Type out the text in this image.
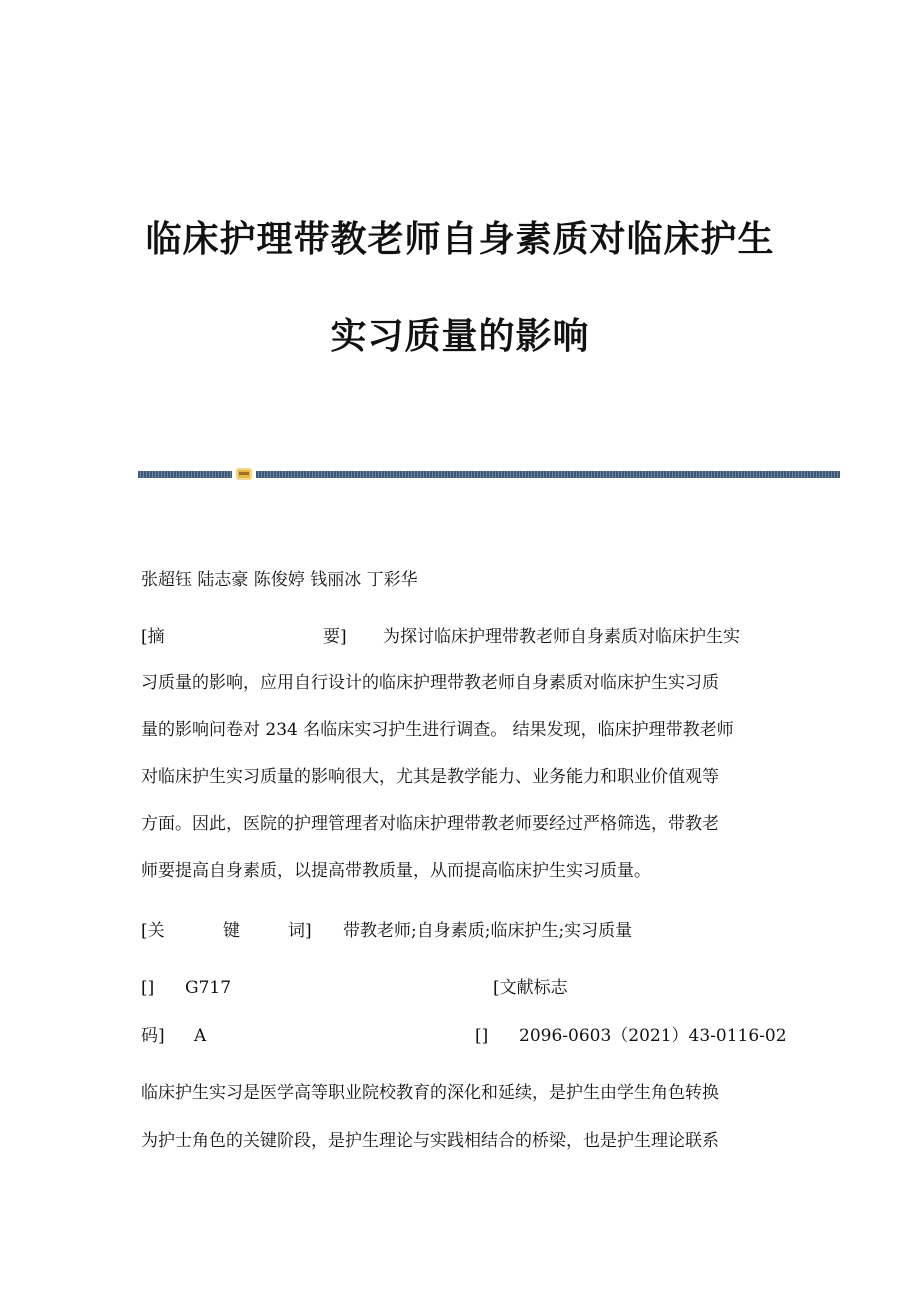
临床护理带教老师自身素质对临床护生
实习质量的影响
张超钰 陆志豪 陈俊婷 钱丽冰 丁彩华
[摘	要] 为探讨临床护理带教老师自身素质对临床护生实
习质量的影响，应用自行设计的临床护理带教老师自身素质对临床护生实习质
量的影响问卷对 234 名临床实习护生进行调查。 结果发现，临床护理带教老师
对临床护生实习质量的影响很大，尤其是教学能力、业务能力和职业价值观等
方面。因此，医院的护理管理者对临床护理带教老师要经过严格筛选，带教老
师要提高自身素质，以提高带教质量，从而提高临床护生实习质量。
[关	键	词] 带教老师;自身素质;临床护生;实习质量
[] G717	[文献标志
码] A	[] 2096-0603（2021）43-0116-02
临床护生实习是医学高等职业院校教育的深化和延续，是护生由学生角色转换
为护士角色的关键阶段，是护生理论与实践相结合的桥梁，也是护生理论联系
